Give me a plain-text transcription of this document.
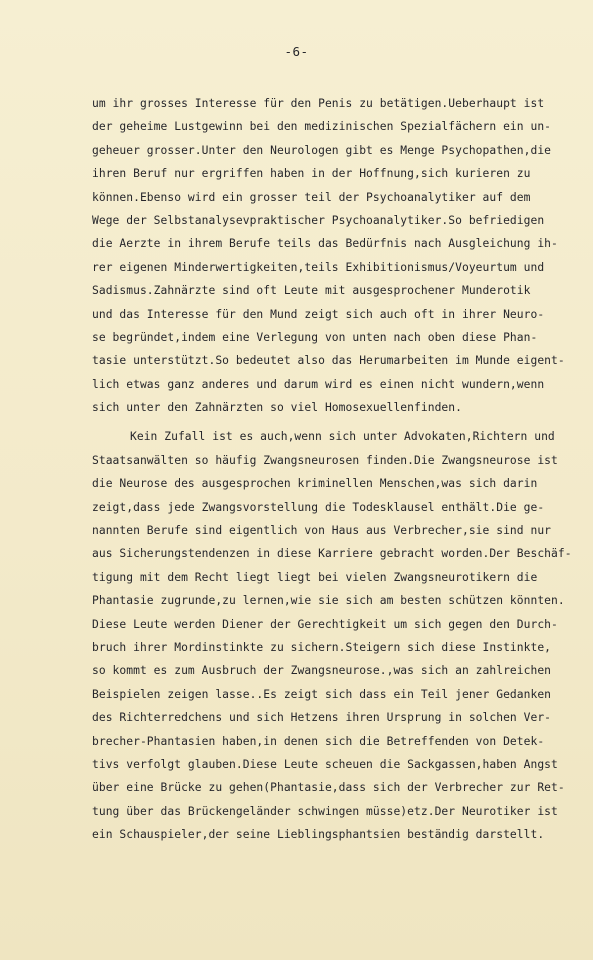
-6-
um ihr grosses Interesse für den Penis zu betätigen.Ueberhaupt ist
der geheime Lustgewinn bei den medizinischen Spezialfächern ein un-
geheuer grosser.Unter den Neurologen gibt es Menge Psychopathen,die
ihren Beruf nur ergriffen haben in der Hoffnung,sich kurieren zu
können.Ebenso wird ein grosser teil der Psychoanalytiker auf dem
Wege der Selbstanalysevpraktischer Psychoanalytiker.So befriedigen
die Aerzte in ihrem Berufe teils das Bedürfnis nach Ausgleichung ih-
rer eigenen Minderwertigkeiten,teils Exhibitionismus/Voyeurtum und
Sadismus.Zahnärzte sind oft Leute mit ausgesprochener Munderotik
und das Interesse für den Mund zeigt sich auch oft in ihrer Neuro-
se begründet,indem eine Verlegung von unten nach oben diese Phan-
tasie unterstützt.So bedeutet also das Herumarbeiten im Munde eigent-
lich etwas ganz anderes und darum wird es einen nicht wundern,wenn
sich unter den Zahnärzten so viel Homosexuellenfinden.
Kein Zufall ist es auch,wenn sich unter Advokaten,Richtern und
Staatsanwälten so häufig Zwangsneurosen finden.Die Zwangsneurose ist
die Neurose des ausgesprochen kriminellen Menschen,was sich darin
zeigt,dass jede Zwangsvorstellung die Todesklausel enthält.Die ge-
nannten Berufe sind eigentlich von Haus aus Verbrecher,sie sind nur
aus Sicherungstendenzen in diese Karriere gebracht worden.Der Beschäf-
tigung mit dem Recht liegt liegt bei vielen Zwangsneurotikern die
Phantasie zugrunde,zu lernen,wie sie sich am besten schützen könnten.
Diese Leute werden Diener der Gerechtigkeit um sich gegen den Durch-
bruch ihrer Mordinstinkte zu sichern.Steigern sich diese Instinkte,
so kommt es zum Ausbruch der Zwangsneurose.,was sich an zahlreichen
Beispielen zeigen lasse..Es zeigt sich dass ein Teil jener Gedanken
des Richterredchens und sich Hetzens ihren Ursprung in solchen Ver-
brecher-Phantasien haben,in denen sich die Betreffenden von Detek-
tivs verfolgt glauben.Diese Leute scheuen die Sackgassen,haben Angst
über eine Brücke zu gehen(Phantasie,dass sich der Verbrecher zur Ret-
tung über das Brückengeländer schwingen müsse)etz.Der Neurotiker ist
ein Schauspieler,der seine Lieblingsphantsien beständig darstellt.
